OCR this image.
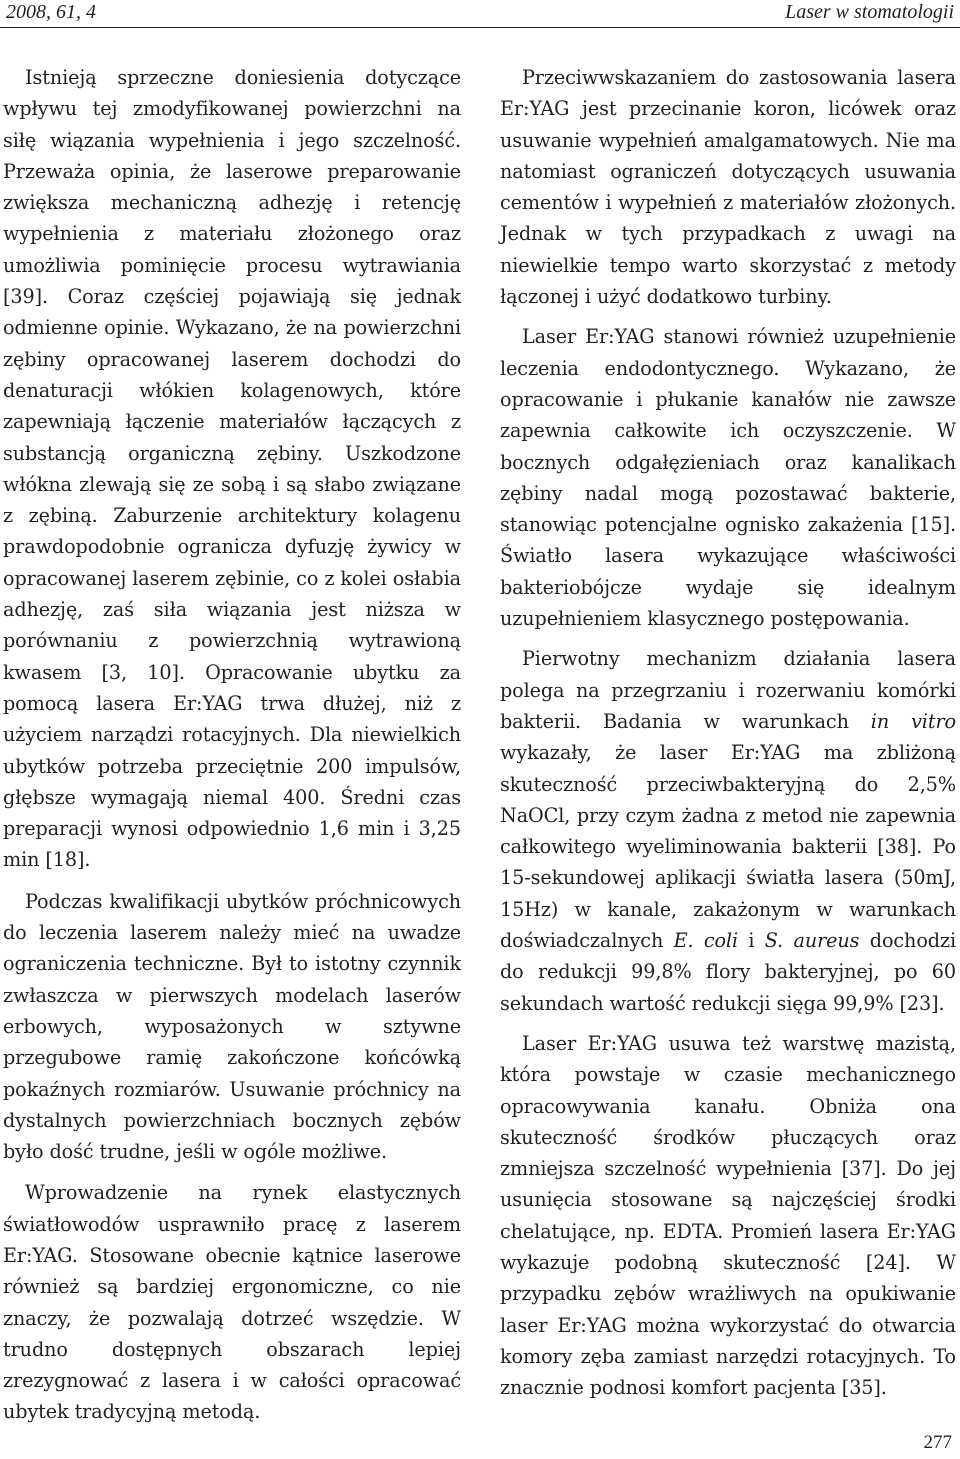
2008, 61, 4	Laser w stomatologii

Istnieją sprzeczne doniesienia dotyczące wpływu tej zmodyfikowanej powierzchni na siłę wiązania wypełnienia i jego szczelność. Przeważa opinia, że laserowe preparowanie zwiększa mechaniczną adhezję i retencję wypełnienia z materiału złożonego oraz umożliwia pominięcie procesu wytrawiania [39]. Coraz częściej pojawiają się jednak odmienne opinie. Wykazano, że na powierzchni zębiny opracowanej laserem dochodzi do denaturacji włókien kolagenowych, które zapewniają łączenie materiałów łączących z substancją organiczną zębiny. Uszkodzone włókna zlewają się ze sobą i są słabo związane z zębiną. Zaburzenie architektury kolagenu prawdopodobnie ogranicza dyfuzję żywicy w opracowanej laserem zębinie, co z kolei osłabia adhezję, zaś siła wiązania jest niższa w porównaniu z powierzchnią wytrawioną kwasem [3, 10]. Opracowanie ubytku za pomocą lasera Er:YAG trwa dłużej, niż z użyciem narządzi rotacyjnych. Dla niewielkich ubytków potrzeba przeciętnie 200 impulsów, głębsze wymagają niemal 400. Średni czas preparacji wynosi odpowiednio 1,6 min i 3,25 min [18].

Podczas kwalifikacji ubytków próchnicowych do leczenia laserem należy mieć na uwadze ograniczenia techniczne. Był to istotny czynnik zwłaszcza w pierwszych modelach laserów erbowych, wyposażonych w sztywne przegubowe ramię zakończone końcówką pokaźnych rozmiarów. Usuwanie próchnicy na dystalnych powierzchniach bocznych zębów było dość trudne, jeśli w ogóle możliwe.

Wprowadzenie na rynek elastycznych światłowodów usprawniło pracę z laserem Er:YAG. Stosowane obecnie kątnice laserowe również są bardziej ergonomiczne, co nie znaczy, że pozwalają dotrzeć wszędzie. W trudno dostępnych obszarach lepiej zrezygnować z lasera i w całości opracować ubytek tradycyjną metodą.

Przeciwwskazaniem do zastosowania lasera Er:YAG jest przecinanie koron, licówek oraz usuwanie wypełnień amalgamatowych. Nie ma natomiast ograniczeń dotyczących usuwania cementów i wypełnień z materiałów złożonych. Jednak w tych przypadkach z uwagi na niewielkie tempo warto skorzystać z metody łączonej i użyć dodatkowo turbiny.

Laser Er:YAG stanowi również uzupełnienie leczenia endodontycznego. Wykazano, że opracowanie i płukanie kanałów nie zawsze zapewnia całkowite ich oczyszczenie. W bocznych odgałęzieniach oraz kanalikach zębiny nadal mogą pozostawać bakterie, stanowiąc potencjalne ognisko zakażenia [15]. Światło lasera wykazujące właściwości bakteriobójcze wydaje się idealnym uzupełnieniem klasycznego postępowania.

Pierwotny mechanizm działania lasera polega na przegrzaniu i rozerwaniu komórki bakterii. Badania w warunkach in vitro wykazały, że laser Er:YAG ma zbliżoną skuteczność przeciwbakteryjną do 2,5% NaOCl, przy czym żadna z metod nie zapewnia całkowitego wyeliminowania bakterii [38]. Po 15-sekundowej aplikacji światła lasera (50mJ, 15Hz) w kanale, zakażonym w warunkach doświadczalnych E. coli i S. aureus dochodzi do redukcji 99,8% flory bakteryjnej, po 60 sekundach wartość redukcji sięga 99,9% [23].

Laser Er:YAG usuwa też warstwę mazistą, która powstaje w czasie mechanicznego opracowywania kanału. Obniża ona skuteczność środków płuczących oraz zmniejsza szczelność wypełnienia [37]. Do jej usunięcia stosowane są najczęściej środki chelatujące, np. EDTA. Promień lasera Er:YAG wykazuje podobną skuteczność [24]. W przypadku zębów wrażliwych na opukiwanie laser Er:YAG można wykorzystać do otwarcia komory zęba zamiast narzędzi rotacyjnych. To znacznie podnosi komfort pacjenta [35].

277
